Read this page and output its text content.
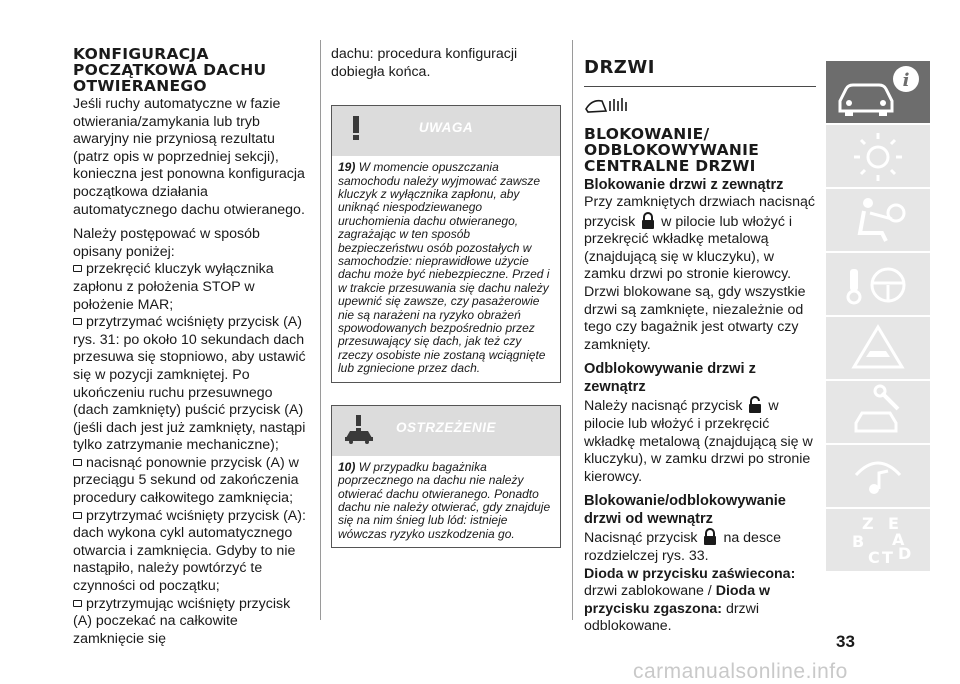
KONFIGURACJA POCZĄTKOWA DACHU OTWIERANEGO

Jeśli ruchy automatyczne w fazie otwierania/zamykania lub tryb awaryjny nie przyniosą rezultatu (patrz opis w poprzedniej sekcji), konieczna jest ponowna konfiguracja początkowa działania automatycznego dachu otwieranego.

Należy postępować w sposób opisany poniżej:

przekręcić kluczyk wyłącznika zapłonu z położenia STOP w położenie MAR;

przytrzymać wciśnięty przycisk (A) rys. 31: po około 10 sekundach dach przesuwa się stopniowo, aby ustawić się w pozycji zamkniętej. Po ukończeniu ruchu przesuwnego (dach zamknięty) puścić przycisk (A) (jeśli dach jest już zamknięty, nastąpi tylko zatrzymanie mechaniczne);

nacisnąć ponownie przycisk (A) w przeciągu 5 sekund od zakończenia procedury całkowitego zamknięcia;

przytrzymać wciśnięty przycisk (A): dach wykona cykl automatycznego otwarcia i zamknięcia. Gdyby to nie nastąpiło, należy powtórzyć te czynności od początku;

przytrzymując wciśnięty przycisk (A) poczekać na całkowite zamknięcie się

dachu: procedura konfiguracji dobiegła końca.

UWAGA
19) W momencie opuszczania samochodu należy wyjmować zawsze kluczyk z wyłącznika zapłonu, aby uniknąć niespodziewanego uruchomienia dachu otwieranego, zagrażając w ten sposób bezpieczeństwu osób pozostałych w samochodzie: nieprawidłowe użycie dachu może być niebezpieczne. Przed i w trakcie przesuwania się dachu należy upewnić się zawsze, czy pasażerowie nie są narażeni na ryzyko obrażeń spowodowanych bezpośrednio przez przesuwający się dach, jak też czy rzeczy osobiste nie zostaną wciągnięte lub zgniecione przez dach.
OSTRZEŻENIE
10) W przypadku bagażnika poprzecznego na dachu nie należy otwierać dachu otwieranego. Ponadto dachu nie należy otwierać, gdy znajduje się na nim śnieg lub lód: istnieje wówczas ryzyko uszkodzenia go.
DRZWI
BLOKOWANIE/ ODBLOKOWYWANIE CENTRALNE DRZWI
Blokowanie drzwi z zewnątrz

Przy zamkniętych drzwiach nacisnąć przycisk w pilocie lub włożyć i przekręcić wkładkę metalową (znajdującą się w kluczyku), w zamku drzwi po stronie kierowcy. Drzwi blokowane są, gdy wszystkie drzwi są zamknięte, niezależnie od tego czy bagażnik jest otwarty czy zamknięty.

Odblokowywanie drzwi z zewnątrz

Należy nacisnąć przycisk w pilocie lub włożyć i przekręcić wkładkę metalową (znajdującą się w kluczyku), w zamku drzwi po stronie kierowcy.

Blokowanie/odblokowywanie drzwi od wewnątrz

Nacisnąć przycisk na desce rozdzielczej rys. 33.

Dioda w przycisku zaświecona: drzwi zablokowane / Dioda w przycisku zgaszona: drzwi odblokowane.

i
Z E
B A
C T D
33
carmanualsonline.info
